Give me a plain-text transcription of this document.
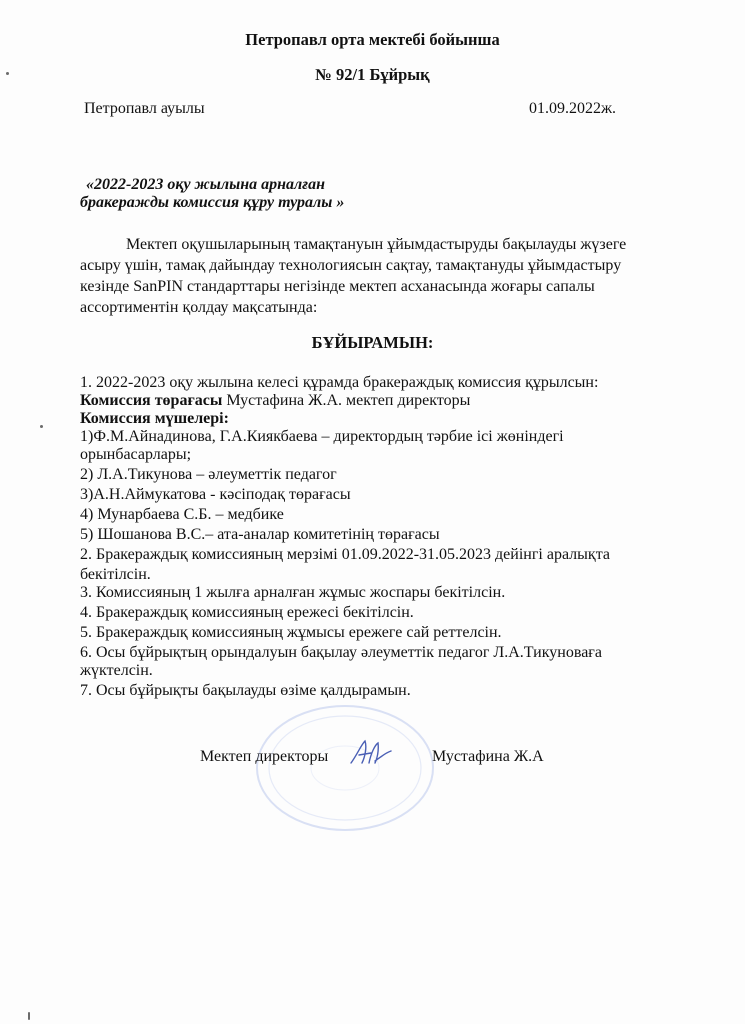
Петропавл орта мектебі бойынша
№ 92/1 Бұйрық
Петропавл ауылы	01.09.2022ж.
«2022-2023 оқу жылына арналған
бракеражды комиссия құру туралы »
Мектеп оқушыларының тамақтануын ұйымдастыруды бақылауды жүзеге
асыру үшін, тамақ дайындау технологиясын сақтау, тамақтануды ұйымдастыру
кезінде SanPIN стандарттары негізінде мектеп асханасында жоғары сапалы
ассортиментін қолдау мақсатында:
БҰЙЫРАМЫН:
1. 2022-2023 оқу жылына келесі құрамда бракераждық комиссия құрылсын:
Комиссия төрағасы Мустафина Ж.А. мектеп директоры
Комиссия мүшелері:
1)Ф.М.Айнадинова, Г.А.Киякбаева – директордың тәрбие ісі жөніндегі
орынбасарлары;
2) Л.А.Тикунова – әлеуметтік педагог
3)А.Н.Аймукатова - кәсіподақ төрағасы
4) Мунарбаева С.Б. – медбике
5) Шошанова В.С.– ата-аналар комитетінің төрағасы
2. Бракераждық комиссияның мерзімі 01.09.2022-31.05.2023 дейінгі аралықта
бекітілсін.
3. Комиссияның 1 жылға арналған жұмыс жоспары бекітілсін.
4. Бракераждық комиссияның ережесі бекітілсін.
5. Бракераждық комиссияның жұмысы ережеге сай реттелсін.
6. Осы бұйрықтың орындалуын бақылау әлеуметтік педагог Л.А.Тикуноваға
жүктелсін.
7. Осы бұйрықты бақылауды өзіме қалдырамын.
Мектеп директоры	Мустафина Ж.А
